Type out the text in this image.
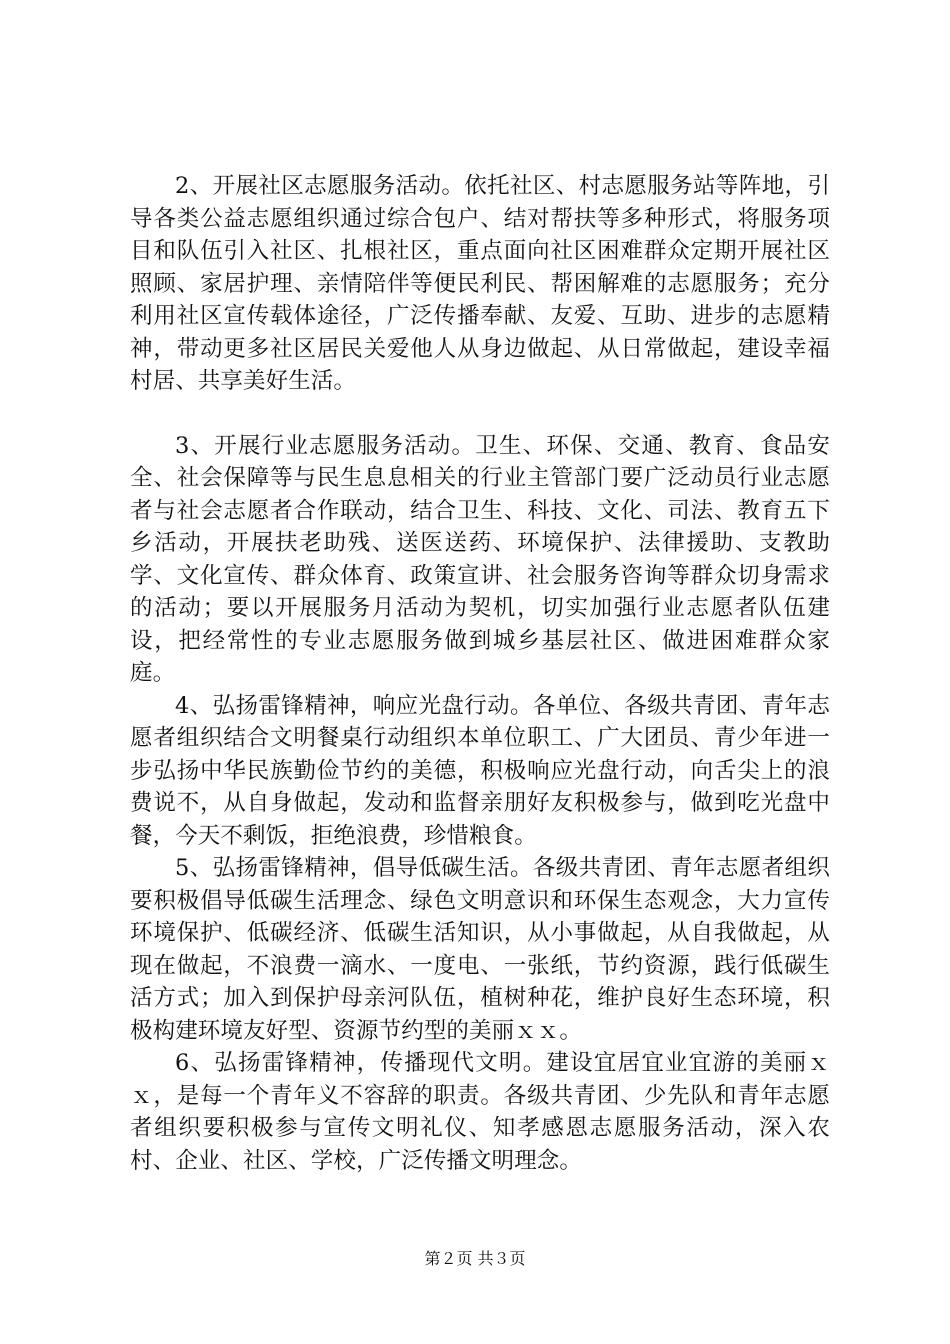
2、开展社区志愿服务活动。依托社区、村志愿服务站等阵地，引导各类公益志愿组织通过综合包户、结对帮扶等多种形式，将服务项目和队伍引入社区、扎根社区，重点面向社区困难群众定期开展社区照顾、家居护理、亲情陪伴等便民利民、帮困解难的志愿服务；充分利用社区宣传载体途径，广泛传播奉献、友爱、互助、进步的志愿精神，带动更多社区居民关爱他人从身边做起、从日常做起，建设幸福村居、共享美好生活。

3、开展行业志愿服务活动。卫生、环保、交通、教育、食品安全、社会保障等与民生息息相关的行业主管部门要广泛动员行业志愿者与社会志愿者合作联动，结合卫生、科技、文化、司法、教育五下乡活动，开展扶老助残、送医送药、环境保护、法律援助、支教助学、文化宣传、群众体育、政策宣讲、社会服务咨询等群众切身需求的活动；要以开展服务月活动为契机，切实加强行业志愿者队伍建设，把经常性的专业志愿服务做到城乡基层社区、做进困难群众家庭。

4、弘扬雷锋精神，响应光盘行动。各单位、各级共青团、青年志愿者组织结合文明餐桌行动组织本单位职工、广大团员、青少年进一步弘扬中华民族勤俭节约的美德，积极响应光盘行动，向舌尖上的浪费说不，从自身做起，发动和监督亲朋好友积极参与，做到吃光盘中餐，今天不剩饭，拒绝浪费，珍惜粮食。

5、弘扬雷锋精神，倡导低碳生活。各级共青团、青年志愿者组织要积极倡导低碳生活理念、绿色文明意识和环保生态观念，大力宣传环境保护、低碳经济、低碳生活知识，从小事做起，从自我做起，从现在做起，不浪费一滴水、一度电、一张纸，节约资源，践行低碳生活方式；加入到保护母亲河队伍，植树种花，维护良好生态环境，积极构建环境友好型、资源节约型的美丽ｘｘ。

6、弘扬雷锋精神，传播现代文明。建设宜居宜业宜游的美丽ｘｘ，是每一个青年义不容辞的职责。各级共青团、少先队和青年志愿者组织要积极参与宣传文明礼仪、知孝感恩志愿服务活动，深入农村、企业、社区、学校，广泛传播文明理念。

第２页 共３页
